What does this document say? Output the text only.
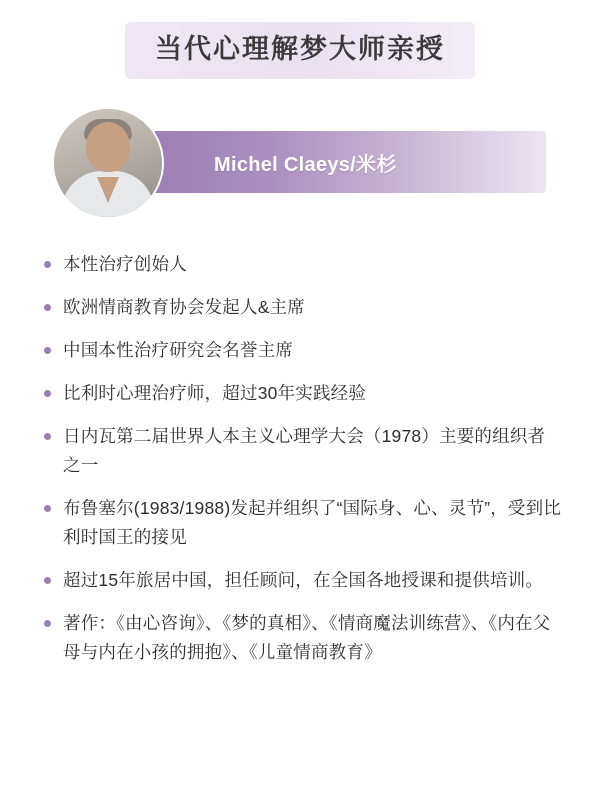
当代心理解梦大师亲授
Michel Claeys/米杉
本性治疗创始人
欧洲情商教育协会发起人&主席
中国本性治疗研究会名誉主席
比利时心理治疗师，超过30年实践经验
日内瓦第二届世界人本主义心理学大会（1978）主要的组织者之一
布鲁塞尔(1983/1988)发起并组织了“国际身、心、灵节”，受到比利时国王的接见
超过15年旅居中国，担任顾问，在全国各地授课和提供培训。
著作：《由心咨询》、《梦的真相》、《情商魔法训练营》、《内在父母与内在小孩的拥抱》、《儿童情商教育》
